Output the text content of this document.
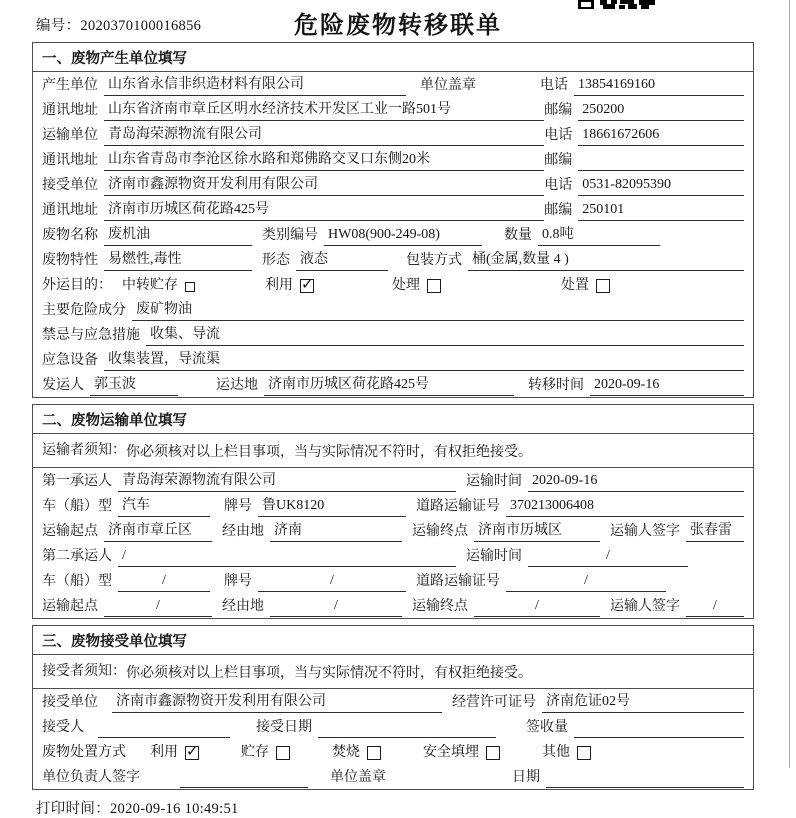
编号：2020370100016856	危险废物转移联单
一、废物产生单位填写
产生单位 山东省永信非织造材料有限公司	单位盖章	电话 13854169160
通讯地址 山东省济南市章丘区明水经济技术开发区工业一路501号	邮编 250200
运输单位 青岛海荣源物流有限公司	电话 18661672606
通讯地址 山东省青岛市李沧区徐水路和郑佛路交叉口东侧20米	邮编
接受单位 济南市鑫源物资开发利用有限公司	电话 0531-82095390
通讯地址 济南市历城区荷花路425号	邮编 250101
废物名称 废机油	类别编号 HW08(900-249-08)	数量 0.8吨
废物特性 易燃性,毒性	形态 液态	包装方式 桶(金属,数量 4 )
外运目的： 中转贮存	利用 ✓	处理	处置
主要危险成分 废矿物油
禁忌与应急措施 收集、导流
应急设备 收集装置，导流渠
发运人 郭玉波	运达地 济南市历城区荷花路425号	转移时间 2020-09-16
二、废物运输单位填写
运输者须知： 你必须核对以上栏目事项，当与实际情况不符时，有权拒绝接受。
第一承运人 青岛海荣源物流有限公司	运输时间 2020-09-16
车（船）型 汽车	牌号 鲁UK8120	道路运输证号 370213006408
运输起点 济南市章丘区	经由地 济南	运输终点 济南市历城区	运输人签字 张春雷
第二承运人 /	运输时间	/
车（船）型	/	牌号	/	道路运输证号	/
运输起点	/	经由地	/	运输终点	/	运输人签字	/
三、废物接受单位填写
接受者须知： 你必须核对以上栏目事项，当与实际情况不符时，有权拒绝接受。
接受单位 济南市鑫源物资开发利用有限公司	经营许可证号 济南危证02号
接受人	接受日期	签收量
废物处置方式 利用 ✓	贮存	焚烧	安全填埋	其他
单位负责人签字	单位盖章	日期
打印时间：2020-09-16 10:49:51
